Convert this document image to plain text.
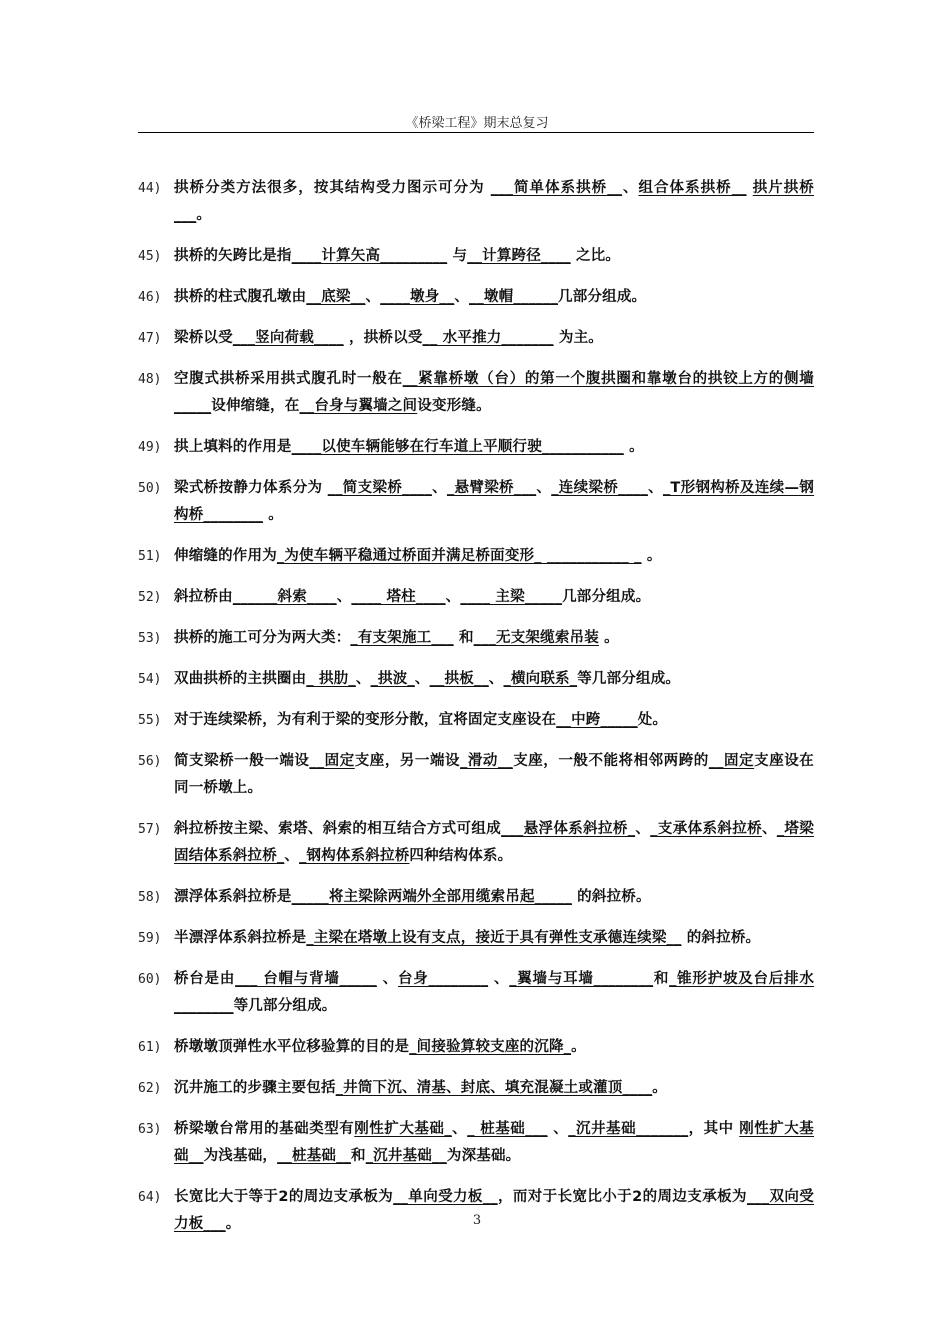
《桥梁工程》期末总复习
44) 拱桥分类方法很多，按其结构受力图示可分为 ___简单体系拱桥__、组合体系拱桥__ 拱片拱桥___。
45) 拱桥的矢跨比是指____计算矢高_________ 与__计算跨径____ 之比。
46) 拱桥的柱式腹孔墩由__底梁__、____墩身__、__墩帽______几部分组成。
47) 梁桥以受___竖向荷载____ ，拱桥以受__ 水平推力_______ 为主。
48) 空腹式拱桥采用拱式腹孔时一般在__紧靠桥墩（台）的第一个腹拱圈和靠墩台的拱铰上方的侧墙_____设伸缩缝，在__台身与翼墙之间设变形缝。
49) 拱上填料的作用是____以使车辆能够在行车道上平顺行驶___________ 。
50) 梁式桥按静力体系分为 __简支梁桥____、_悬臂梁桥___、_连续梁桥____、_T形钢构桥及连续—钢构桥________ 。
51) 伸缩缝的作用为_为使车辆平稳通过桥面并满足桥面变形_ ___________ _ 。
52) 斜拉桥由______斜索____、____ 塔柱____、____ 主梁_____几部分组成。
53) 拱桥的施工可分为两大类：_有支架施工___ 和___无支架缆索吊装 。
54) 双曲拱桥的主拱圈由_ 拱肋_、_拱波_、__拱板__、_横向联系_等几部分组成。
55) 对于连续梁桥，为有利于梁的变形分散，宜将固定支座设在__中跨_____处。
56) 简支梁桥一般一端设__固定支座，另一端设_滑动__支座，一般不能将相邻两跨的__固定支座设在同一桥墩上。
57) 斜拉桥按主梁、索塔、斜索的相互结合方式可组成___悬浮体系斜拉桥_、_支承体系斜拉桥、_塔梁固结体系斜拉桥_、_钢构体系斜拉桥四种结构体系。
58) 漂浮体系斜拉桥是_____将主梁除两端外全部用缆索吊起_____ 的斜拉桥。
59) 半漂浮体系斜拉桥是_主梁在塔墩上设有支点，接近于具有弹性支承德连续梁__ 的斜拉桥。
60) 桥台是由___ 台帽与背墙_____ 、台身________ 、_翼墙与耳墙________和_锥形护坡及台后排水________等几部分组成。
61) 桥墩墩顶弹性水平位移验算的目的是_间接验算较支座的沉降_。
62) 沉井施工的步骤主要包括_井筒下沉、清基、封底、填充混凝土或灌顶____。
63) 桥梁墩台常用的基础类型有刚性扩大基础_、_ 桩基础___ 、_沉井基础_______，其中 刚性扩大基础__为浅基础，__桩基础__和_沉井基础__为深基础。
64) 长宽比大于等于2的周边支承板为__单向受力板__，而对于长宽比小于2的周边支承板为___双向受力板___。	3
